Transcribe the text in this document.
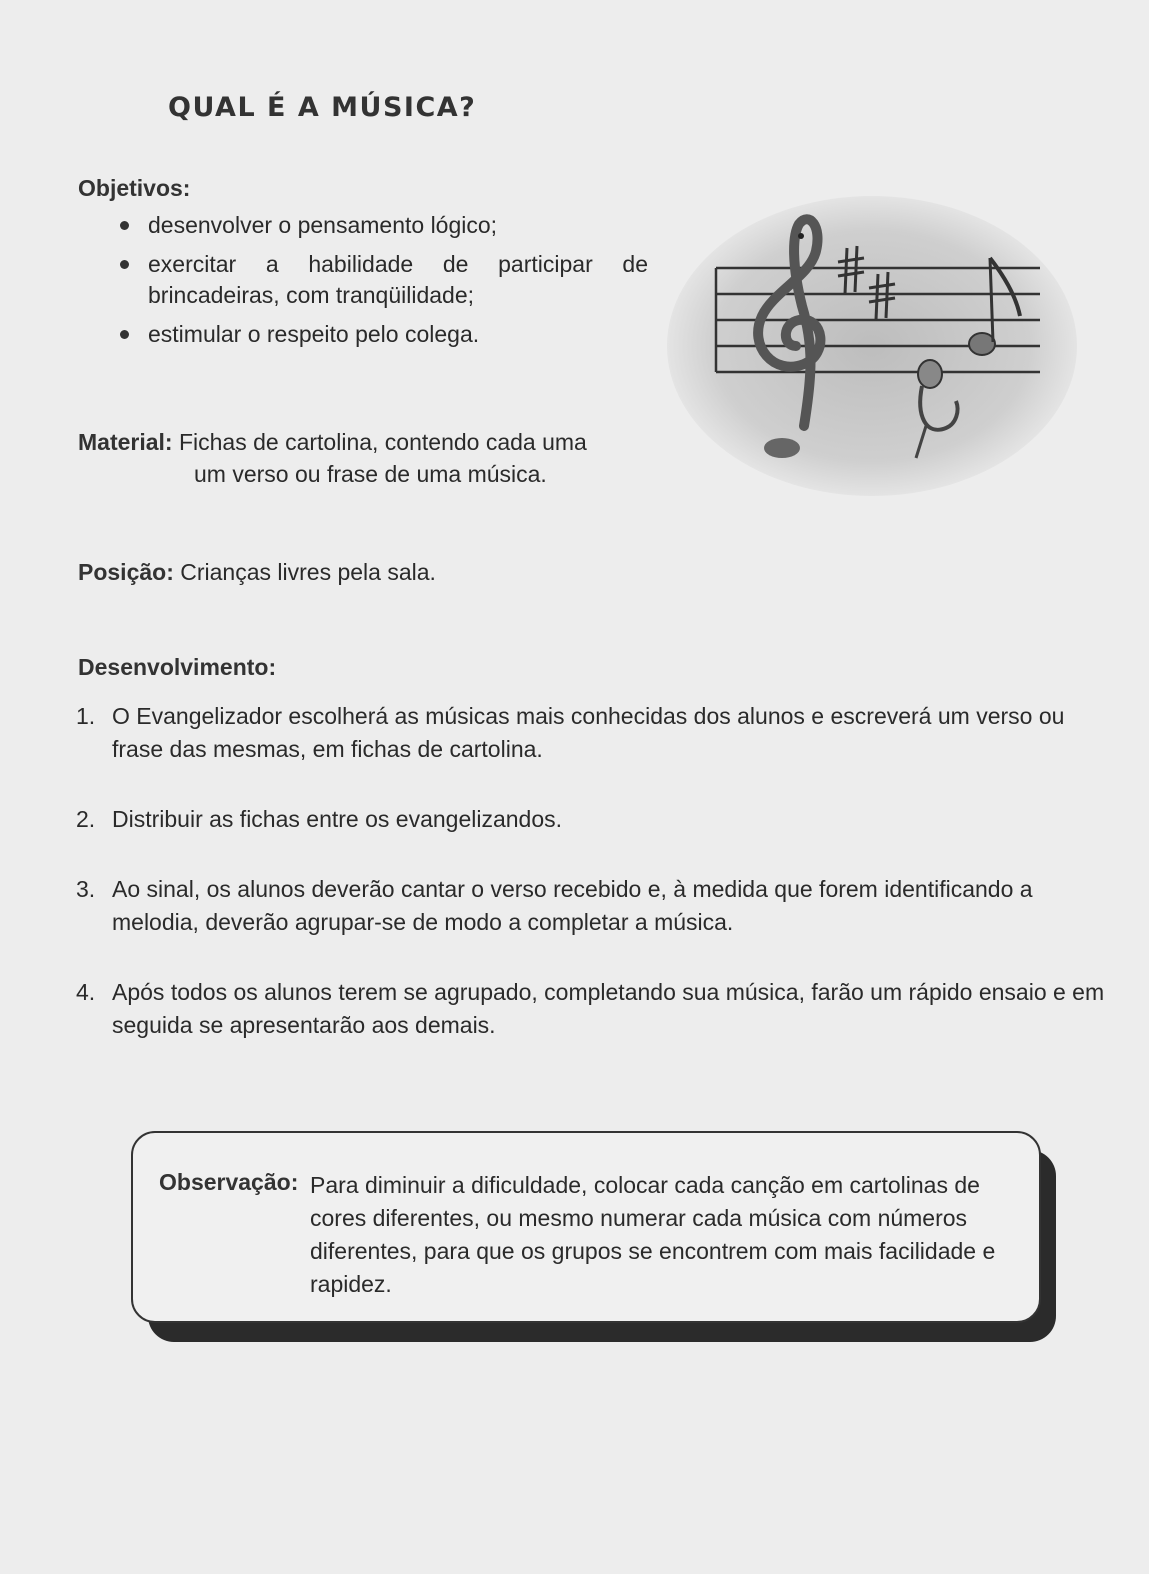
QUAL É A MÚSICA?
Objetivos:
desenvolver o pensamento lógico;
exercitar a habilidade de participar de brincadeiras, com tranqüilidade;
estimular o respeito pelo colega.
Material: Fichas de cartolina, contendo cada uma
um verso ou frase de uma música.
Posição: Crianças livres pela sala.
Desenvolvimento:
1. O Evangelizador escolherá as músicas mais conhecidas dos alunos e escreverá um verso ou frase das mesmas, em fichas de cartolina.
2. Distribuir as fichas entre os evangelizandos.
3. Ao sinal, os alunos deverão cantar o verso recebido e, à medida que forem identificando a melodia, deverão agrupar-se de modo a completar a música.
4. Após todos os alunos terem se agrupado, completando sua música, farão um rápido ensaio e em seguida se apresentarão aos demais.
Observação: Para diminuir a dificuldade, colocar cada canção em cartolinas de cores diferentes, ou mesmo numerar cada música com números diferentes, para que os grupos se encontrem com mais facilidade e rapidez.
